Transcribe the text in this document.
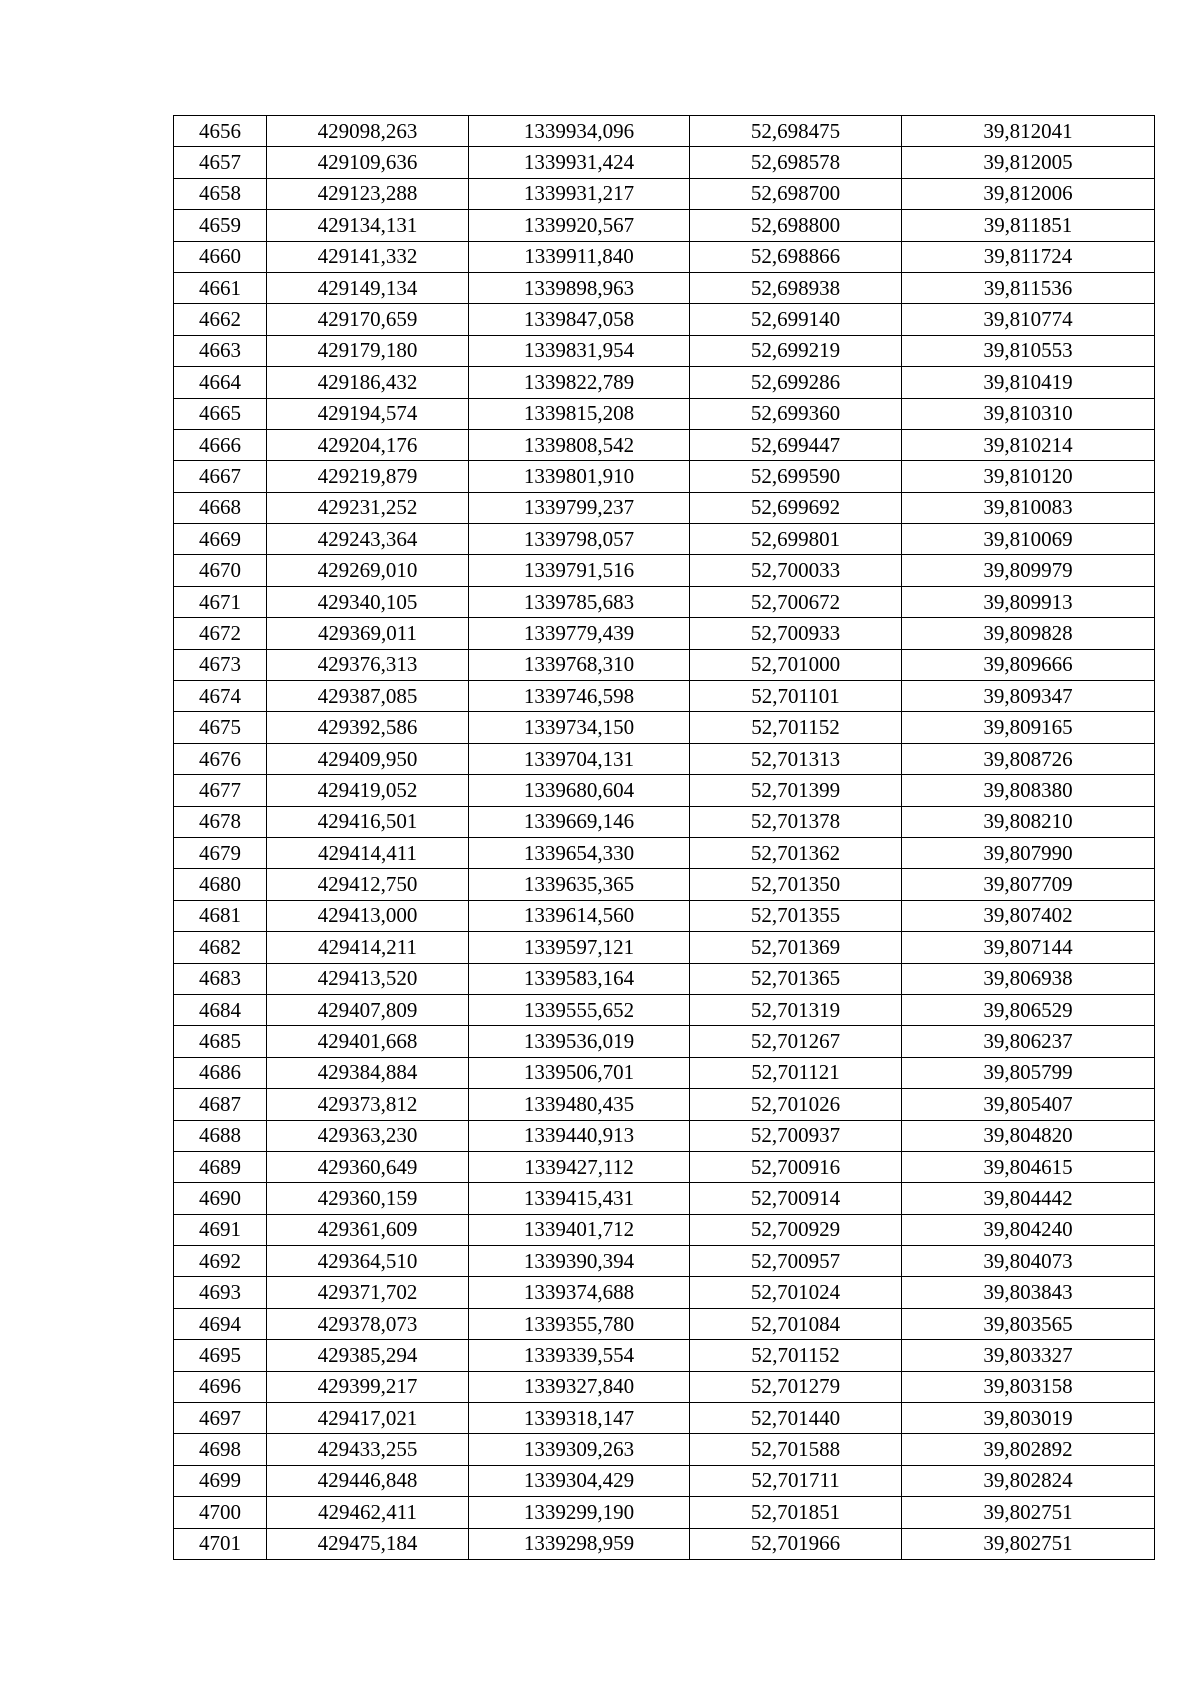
4656	429098,263	1339934,096	52,698475	39,812041
4657	429109,636	1339931,424	52,698578	39,812005
4658	429123,288	1339931,217	52,698700	39,812006
4659	429134,131	1339920,567	52,698800	39,811851
4660	429141,332	1339911,840	52,698866	39,811724
4661	429149,134	1339898,963	52,698938	39,811536
4662	429170,659	1339847,058	52,699140	39,810774
4663	429179,180	1339831,954	52,699219	39,810553
4664	429186,432	1339822,789	52,699286	39,810419
4665	429194,574	1339815,208	52,699360	39,810310
4666	429204,176	1339808,542	52,699447	39,810214
4667	429219,879	1339801,910	52,699590	39,810120
4668	429231,252	1339799,237	52,699692	39,810083
4669	429243,364	1339798,057	52,699801	39,810069
4670	429269,010	1339791,516	52,700033	39,809979
4671	429340,105	1339785,683	52,700672	39,809913
4672	429369,011	1339779,439	52,700933	39,809828
4673	429376,313	1339768,310	52,701000	39,809666
4674	429387,085	1339746,598	52,701101	39,809347
4675	429392,586	1339734,150	52,701152	39,809165
4676	429409,950	1339704,131	52,701313	39,808726
4677	429419,052	1339680,604	52,701399	39,808380
4678	429416,501	1339669,146	52,701378	39,808210
4679	429414,411	1339654,330	52,701362	39,807990
4680	429412,750	1339635,365	52,701350	39,807709
4681	429413,000	1339614,560	52,701355	39,807402
4682	429414,211	1339597,121	52,701369	39,807144
4683	429413,520	1339583,164	52,701365	39,806938
4684	429407,809	1339555,652	52,701319	39,806529
4685	429401,668	1339536,019	52,701267	39,806237
4686	429384,884	1339506,701	52,701121	39,805799
4687	429373,812	1339480,435	52,701026	39,805407
4688	429363,230	1339440,913	52,700937	39,804820
4689	429360,649	1339427,112	52,700916	39,804615
4690	429360,159	1339415,431	52,700914	39,804442
4691	429361,609	1339401,712	52,700929	39,804240
4692	429364,510	1339390,394	52,700957	39,804073
4693	429371,702	1339374,688	52,701024	39,803843
4694	429378,073	1339355,780	52,701084	39,803565
4695	429385,294	1339339,554	52,701152	39,803327
4696	429399,217	1339327,840	52,701279	39,803158
4697	429417,021	1339318,147	52,701440	39,803019
4698	429433,255	1339309,263	52,701588	39,802892
4699	429446,848	1339304,429	52,701711	39,802824
4700	429462,411	1339299,190	52,701851	39,802751
4701	429475,184	1339298,959	52,701966	39,802751
